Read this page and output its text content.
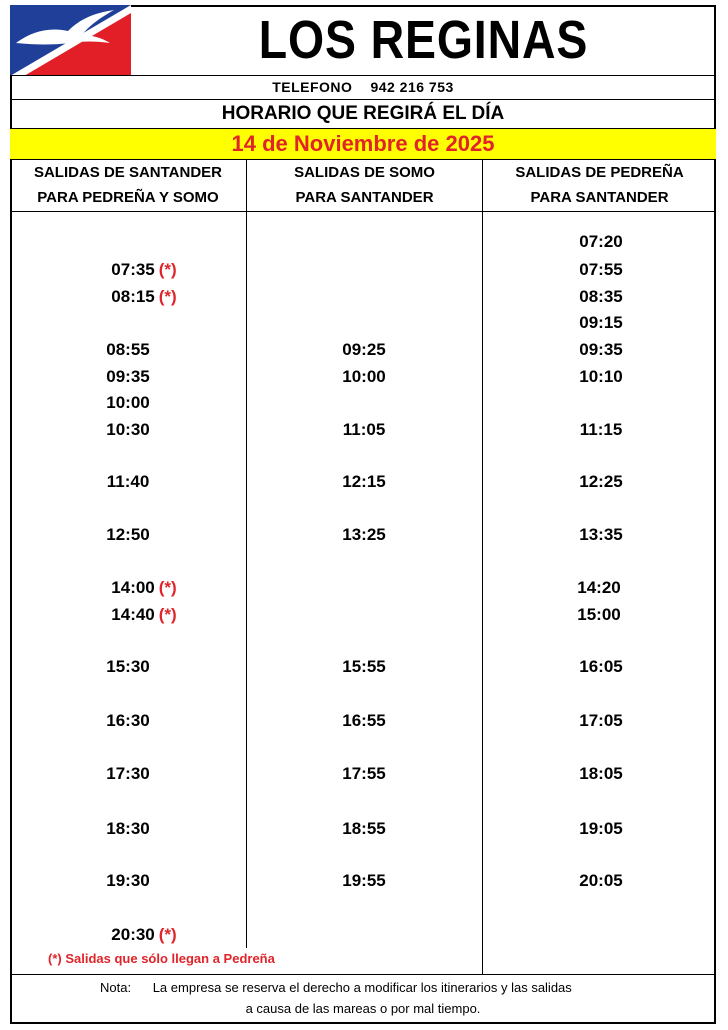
LOS REGINAS
TELEFONO 942 216 753
HORARIO QUE REGIRÁ EL DÍA
14 de Noviembre de 2025
SALIDAS DE SANTANDER
PARA PEDREÑA Y SOMO
SALIDAS DE SOMO
PARA SANTANDER
SALIDAS DE PEDREÑA
PARA SANTANDER
07:35 (*)
08:15 (*)
08:55
09:35
10:00
10:30
11:40
12:50
14:00 (*)
14:40 (*)
15:30
16:30
17:30
18:30
19:30
20:30 (*)
09:25
10:00
11:05
12:15
13:25
15:55
16:55
17:55
18:55
19:55
07:20
07:55
08:35
09:15
09:35
10:10
11:15
12:25
13:35
14:20
15:00
16:05
17:05
18:05
19:05
20:05
(*) Salidas que sólo llegan a Pedreña
Nota: La empresa se reserva el derecho a modificar los itinerarios y las salidas
a causa de las mareas o por mal tiempo.
